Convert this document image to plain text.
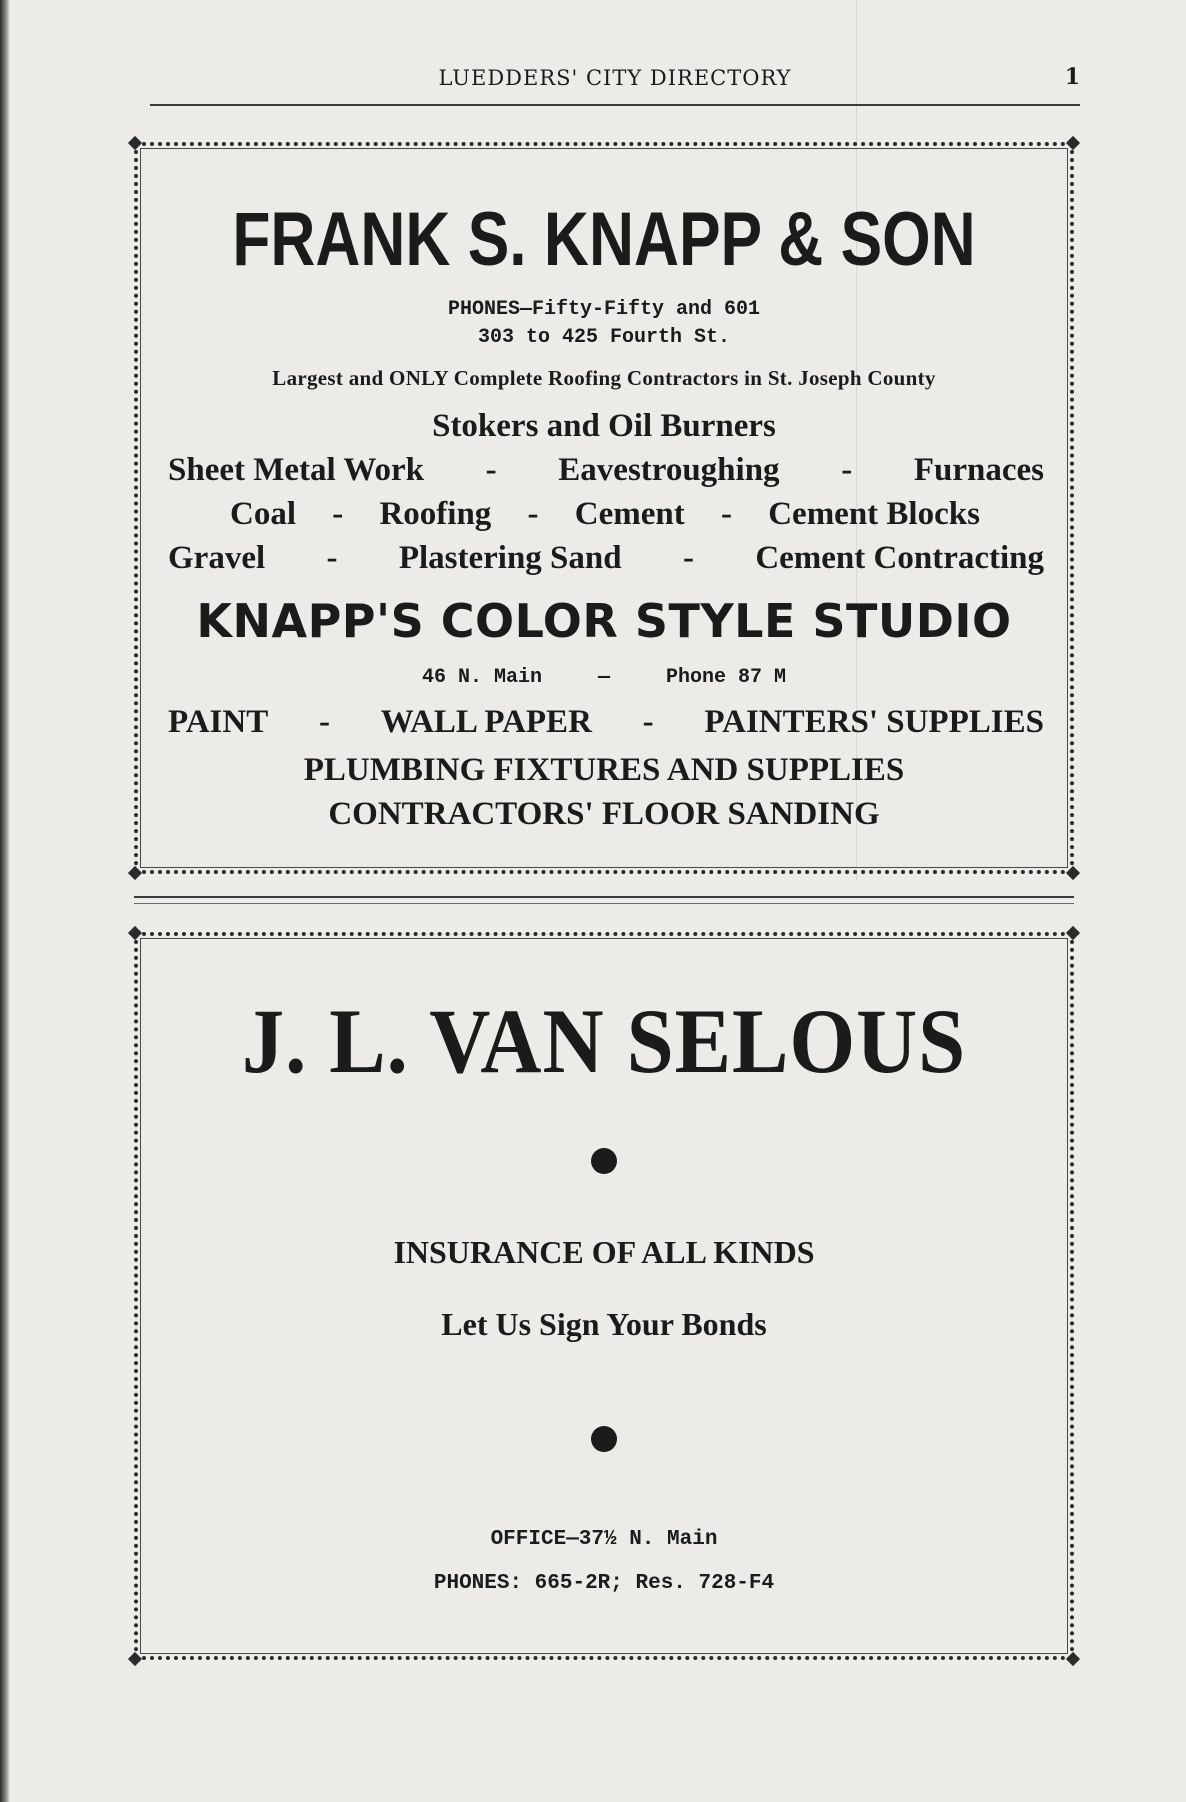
LUEDDERS' CITY DIRECTORY	1
FRANK S. KNAPP & SON
PHONES—Fifty-Fifty and 601
303 to 425 Fourth St.
Largest and ONLY Complete Roofing Contractors in St. Joseph County
Stokers and Oil Burners
Sheet Metal Work - Eavestroughing - Furnaces
Coal - Roofing - Cement - Cement Blocks
Gravel - Plastering Sand - Cement Contracting
KNAPP'S COLOR STYLE STUDIO
46 N. Main	—	Phone 87 M
PAINT - WALL PAPER - PAINTERS' SUPPLIES
PLUMBING FIXTURES AND SUPPLIES
CONTRACTORS' FLOOR SANDING
J. L. VAN SELOUS
INSURANCE OF ALL KINDS
Let Us Sign Your Bonds
OFFICE—37½ N. Main
PHONES: 665-2R; Res. 728-F4
